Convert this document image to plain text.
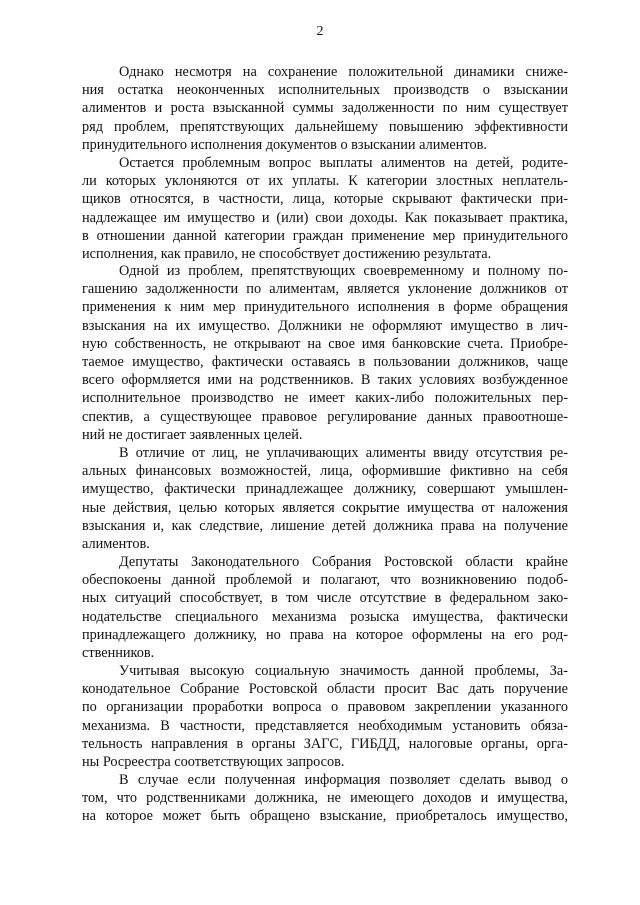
2
Однако несмотря на сохранение положительной динамики сниже-
ния остатка неоконченных исполнительных производств о взыскании
алиментов и роста взысканной суммы задолженности по ним существует
ряд проблем, препятствующих дальнейшему повышению эффективности
принудительного исполнения документов о взыскании алиментов.
Остается проблемным вопрос выплаты алиментов на детей, родите-
ли которых уклоняются от их уплаты. К категории злостных неплатель-
щиков относятся, в частности, лица, которые скрывают фактически при-
надлежащее им имущество и (или) свои доходы. Как показывает практика,
в отношении данной категории граждан применение мер принудительного
исполнения, как правило, не способствует достижению результата.
Одной из проблем, препятствующих своевременному и полному по-
гашению задолженности по алиментам, является уклонение должников от
применения к ним мер принудительного исполнения в форме обращения
взыскания на их имущество. Должники не оформляют имущество в лич-
ную собственность, не открывают на свое имя банковские счета. Приобре-
таемое имущество, фактически оставаясь в пользовании должников, чаще
всего оформляется ими на родственников. В таких условиях возбужденное
исполнительное производство не имеет каких-либо положительных пер-
спектив, а существующее правовое регулирование данных правоотноше-
ний не достигает заявленных целей.
В отличие от лиц, не уплачивающих алименты ввиду отсутствия ре-
альных финансовых возможностей, лица, оформившие фиктивно на себя
имущество, фактически принадлежащее должнику, совершают умышлен-
ные действия, целью которых является сокрытие имущества от наложения
взыскания и, как следствие, лишение детей должника права на получение
алиментов.
Депутаты Законодательного Собрания Ростовской области крайне
обеспокоены данной проблемой и полагают, что возникновению подоб-
ных ситуаций способствует, в том числе отсутствие в федеральном зако-
нодательстве специального механизма розыска имущества, фактически
принадлежащего должнику, но права на которое оформлены на его род-
ственников.
Учитывая высокую социальную значимость данной проблемы, За-
конодательное Собрание Ростовской области просит Вас дать поручение
по организации проработки вопроса о правовом закреплении указанного
механизма. В частности, представляется необходимым установить обяза-
тельность направления в органы ЗАГС, ГИБДД, налоговые органы, орга-
ны Росреестра соответствующих запросов.
В случае если полученная информация позволяет сделать вывод о
том, что родственниками должника, не имеющего доходов и имущества,
на которое может быть обращено взыскание, приобреталось имущество,
